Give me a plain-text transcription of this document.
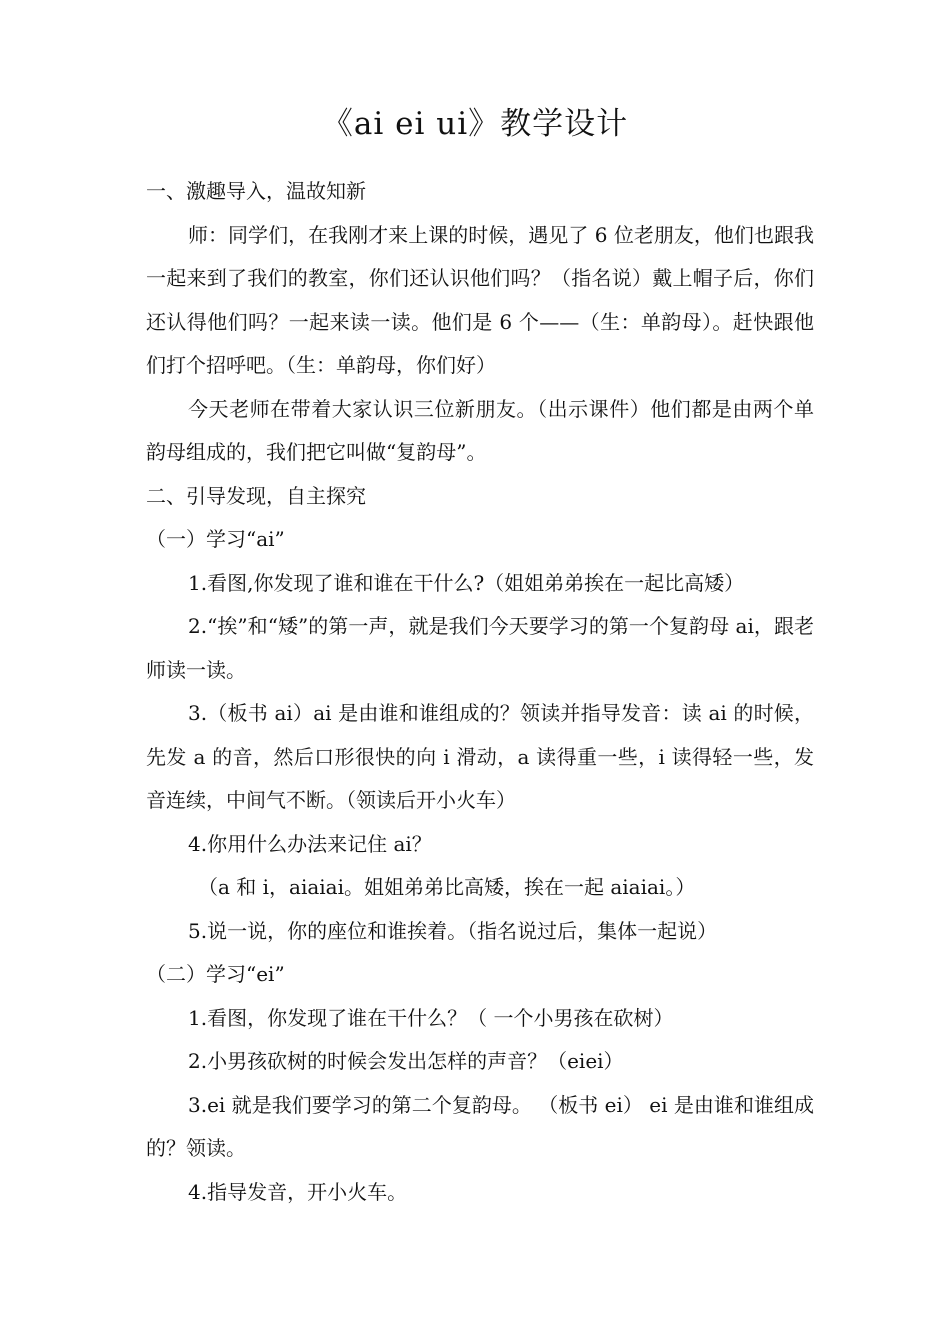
《ai ei ui》教学设计

一、激趣导入，温故知新

师：同学们，在我刚才来上课的时候，遇见了 6 位老朋友，他们也跟我一起来到了我们的教室，你们还认识他们吗？（指名说）戴上帽子后，你们还认得他们吗？一起来读一读。他们是 6 个——（生：单韵母）。赶快跟他们打个招呼吧。（生：单韵母，你们好）

今天老师在带着大家认识三位新朋友。（出示课件）他们都是由两个单韵母组成的，我们把它叫做“复韵母”。

二、引导发现，自主探究

（一）学习“ai”

1.看图,你发现了谁和谁在干什么?（姐姐弟弟挨在一起比高矮）

2.“挨”和“矮”的第一声，就是我们今天要学习的第一个复韵母 ai，跟老师读一读。

3.（板书 ai）ai 是由谁和谁组成的？领读并指导发音：读 ai 的时候，先发 a 的音，然后口形很快的向 i 滑动，a 读得重一些，i 读得轻一些，发音连续，中间气不断。（领读后开小火车）

4.你用什么办法来记住 ai？

（a 和 i，aiaiai。姐姐弟弟比高矮，挨在一起 aiaiai。）

5.说一说，你的座位和谁挨着。（指名说过后，集体一起说）

（二）学习“ei”

1.看图，你发现了谁在干什么？（ 一个小男孩在砍树）

2.小男孩砍树的时候会发出怎样的声音？（eiei）

3.ei 就是我们要学习的第二个复韵母。 （板书 ei） ei 是由谁和谁组成的？领读。

4.指导发音，开小火车。
